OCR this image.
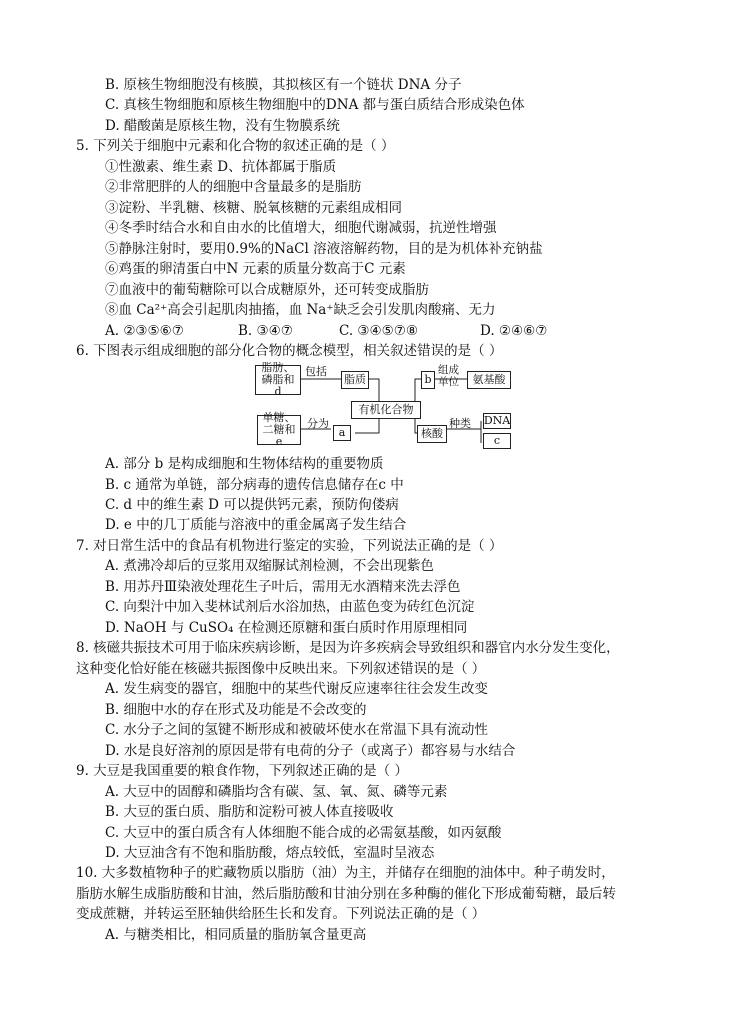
B. 原核生物细胞没有核膜，其拟核区有一个链状 DNA 分子
C. 真核生物细胞和原核生物细胞中的DNA 都与蛋白质结合形成染色体
D. 醋酸菌是原核生物，没有生物膜系统
5. 下列关于细胞中元素和化合物的叙述正确的是（ ）
①性激素、维生素 D、抗体都属于脂质
②非常肥胖的人的细胞中含量最多的是脂肪
③淀粉、半乳糖、核糖、脱氧核糖的元素组成相同
④冬季时结合水和自由水的比值增大，细胞代谢减弱，抗逆性增强
⑤静脉注射时，要用0.9%的NaCl 溶液溶解药物，目的是为机体补充钠盐
⑥鸡蛋的卵清蛋白中N 元素的质量分数高于C 元素
⑦血液中的葡萄糖除可以合成糖原外，还可转变成脂肪
⑧血 Ca²⁺高会引起肌肉抽搐，血 Na⁺缺乏会引发肌肉酸痛、无力
A. ②③⑤⑥⑦	B. ③④⑦	C. ③④⑤⑦⑧	D. ②④⑥⑦
6. 下图表示组成细胞的部分化合物的概念模型，相关叙述错误的是（ ）
脂肪、磷脂和d
包括
脂质
有机化合物
b
组成单位	氨基酸
单糖、二糖和e
分为
a	核酸
种类 DNA
c
A. 部分 b 是构成细胞和生物体结构的重要物质
B. c 通常为单链，部分病毒的遗传信息储存在c 中
C. d 中的维生素 D 可以提供钙元素，预防佝偻病
D. e 中的几丁质能与溶液中的重金属离子发生结合
7. 对日常生活中的食品有机物进行鉴定的实验，下列说法正确的是（ ）
A. 煮沸冷却后的豆浆用双缩脲试剂检测，不会出现紫色
B. 用苏丹Ⅲ染液处理花生子叶后，需用无水酒精来洗去浮色
C. 向梨汁中加入斐林试剂后水浴加热，由蓝色变为砖红色沉淀
D. NaOH 与 CuSO₄ 在检测还原糖和蛋白质时作用原理相同
8. 核磁共振技术可用于临床疾病诊断，是因为许多疾病会导致组织和器官内水分发生变化，
这种变化恰好能在核磁共振图像中反映出来。下列叙述错误的是（ ）
A. 发生病变的器官，细胞中的某些代谢反应速率往往会发生改变
B. 细胞中水的存在形式及功能是不会改变的
C. 水分子之间的氢键不断形成和被破坏使水在常温下具有流动性
D. 水是良好溶剂的原因是带有电荷的分子（或离子）都容易与水结合
9. 大豆是我国重要的粮食作物，下列叙述正确的是（ ）
A. 大豆中的固醇和磷脂均含有碳、氢、氧、氮、磷等元素
B. 大豆的蛋白质、脂肪和淀粉可被人体直接吸收
C. 大豆中的蛋白质含有人体细胞不能合成的必需氨基酸，如丙氨酸
D. 大豆油含有不饱和脂肪酸，熔点较低，室温时呈液态
10. 大多数植物种子的贮藏物质以脂肪（油）为主，并储存在细胞的油体中。种子萌发时，
脂肪水解生成脂肪酸和甘油，然后脂肪酸和甘油分别在多种酶的催化下形成葡萄糖，最后转
变成蔗糖，并转运至胚轴供给胚生长和发育。下列说法正确的是（ ）
A. 与糖类相比，相同质量的脂肪氧含量更高
